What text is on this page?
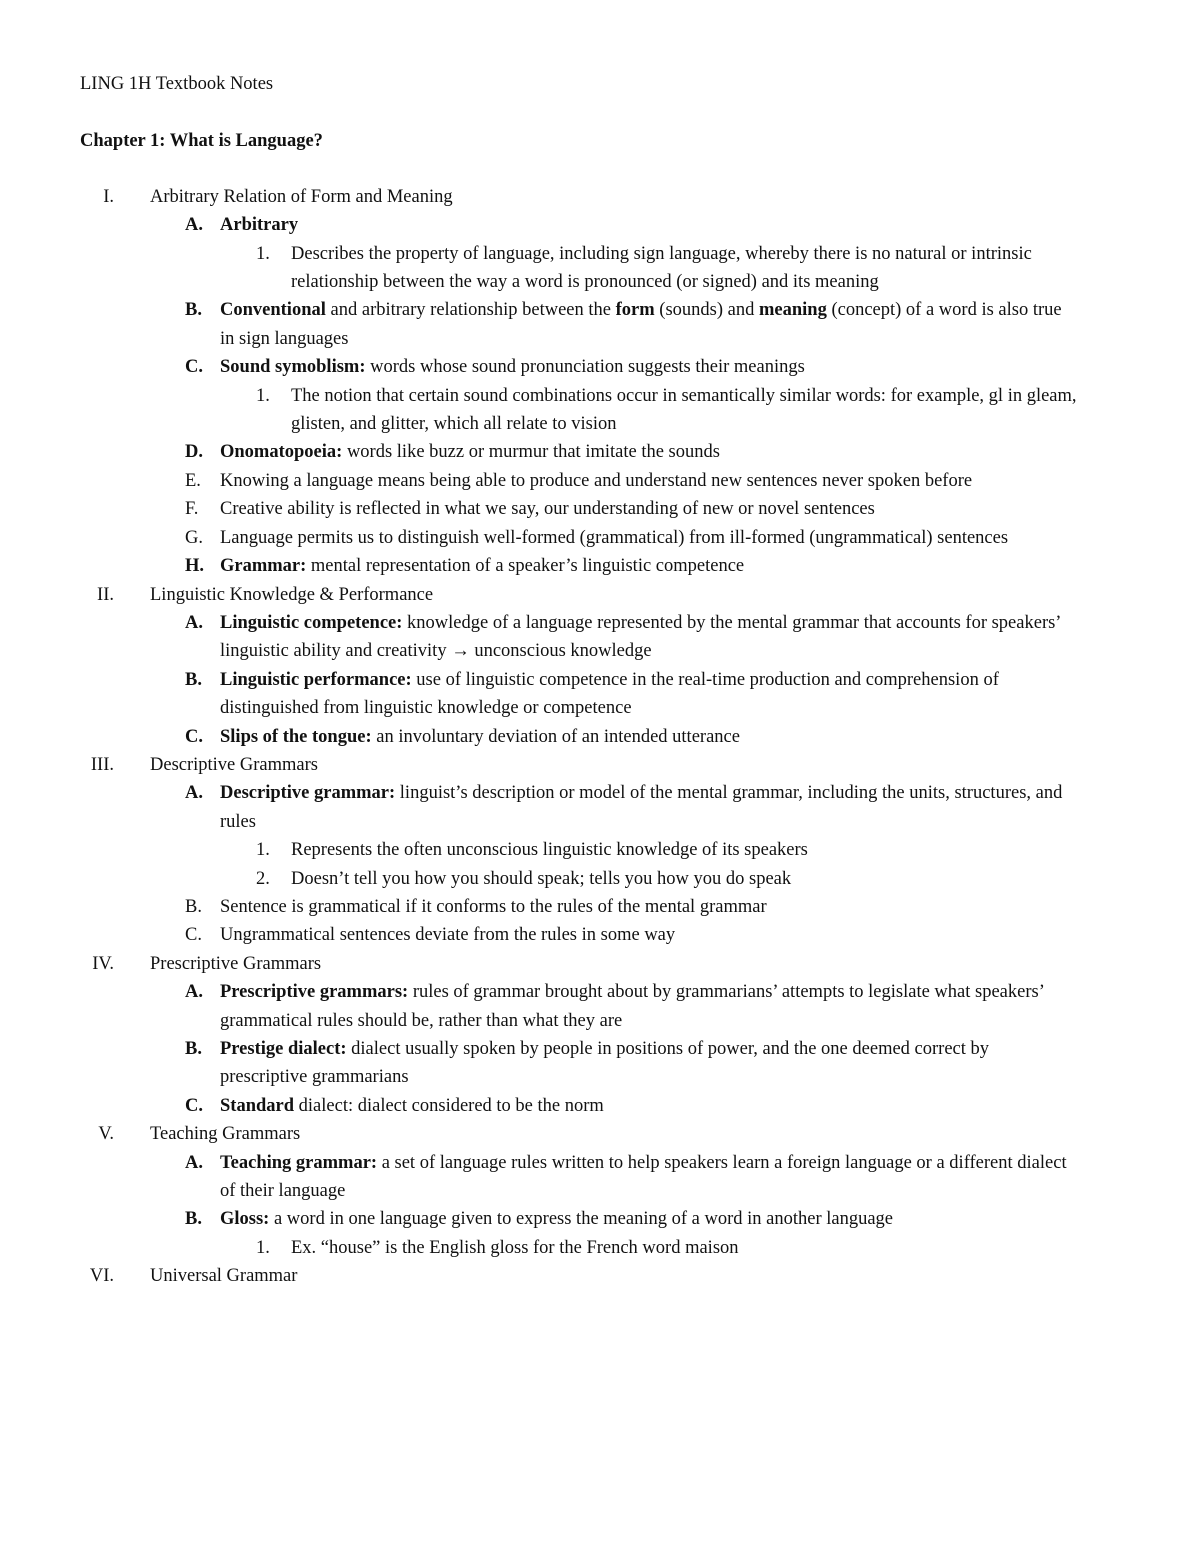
LING 1H Textbook Notes

Chapter 1: What is Language?

I. Arbitrary Relation of Form and Meaning
A. Arbitrary
1.	Describes the property of language, including sign language, whereby there is no natural or intrinsic relationship between the way a word is pronounced (or signed) and its meaning
B. Conventional and arbitrary relationship between the form (sounds) and meaning (concept) of a word is also true in sign languages
C. Sound symoblism: words whose sound pronunciation suggests their meanings
1.	The notion that certain sound combinations occur in semantically similar words: for example, gl in gleam, glisten, and glitter, which all relate to vision
D. Onomatopoeia: words like buzz or murmur that imitate the sounds
E.	Knowing a language means being able to produce and understand new sentences never spoken before
F.	Creative ability is reflected in what we say, our understanding of new or novel sentences
G. Language permits us to distinguish well-formed (grammatical) from ill-formed (ungrammatical) sentences
H. Grammar: mental representation of a speaker’s linguistic competence
II. Linguistic Knowledge & Performance
A. Linguistic competence: knowledge of a language represented by the mental grammar that accounts for speakers’ linguistic ability and creativity → unconscious knowledge
B. Linguistic performance: use of linguistic competence in the real-time production and comprehension of distinguished from linguistic knowledge or competence
C. Slips of the tongue: an involuntary deviation of an intended utterance
III. Descriptive Grammars
A. Descriptive grammar: linguist’s description or model of the mental grammar, including the units, structures, and rules
1.	Represents the often unconscious linguistic knowledge of its speakers
2.	Doesn’t tell you how you should speak; tells you how you do speak
B. Sentence is grammatical if it conforms to the rules of the mental grammar
C. Ungrammatical sentences deviate from the rules in some way
IV. Prescriptive Grammars
A. Prescriptive grammars: rules of grammar brought about by grammarians’ attempts to legislate what speakers’ grammatical rules should be, rather than what they are
B. Prestige dialect: dialect usually spoken by people in positions of power, and the one deemed correct by prescriptive grammarians
C. Standard dialect: dialect considered to be the norm
V. Teaching Grammars
A. Teaching grammar: a set of language rules written to help speakers learn a foreign language or a different dialect of their language
B. Gloss: a word in one language given to express the meaning of a word in another language
1.	Ex. “house” is the English gloss for the French word maison
VI. Universal Grammar
